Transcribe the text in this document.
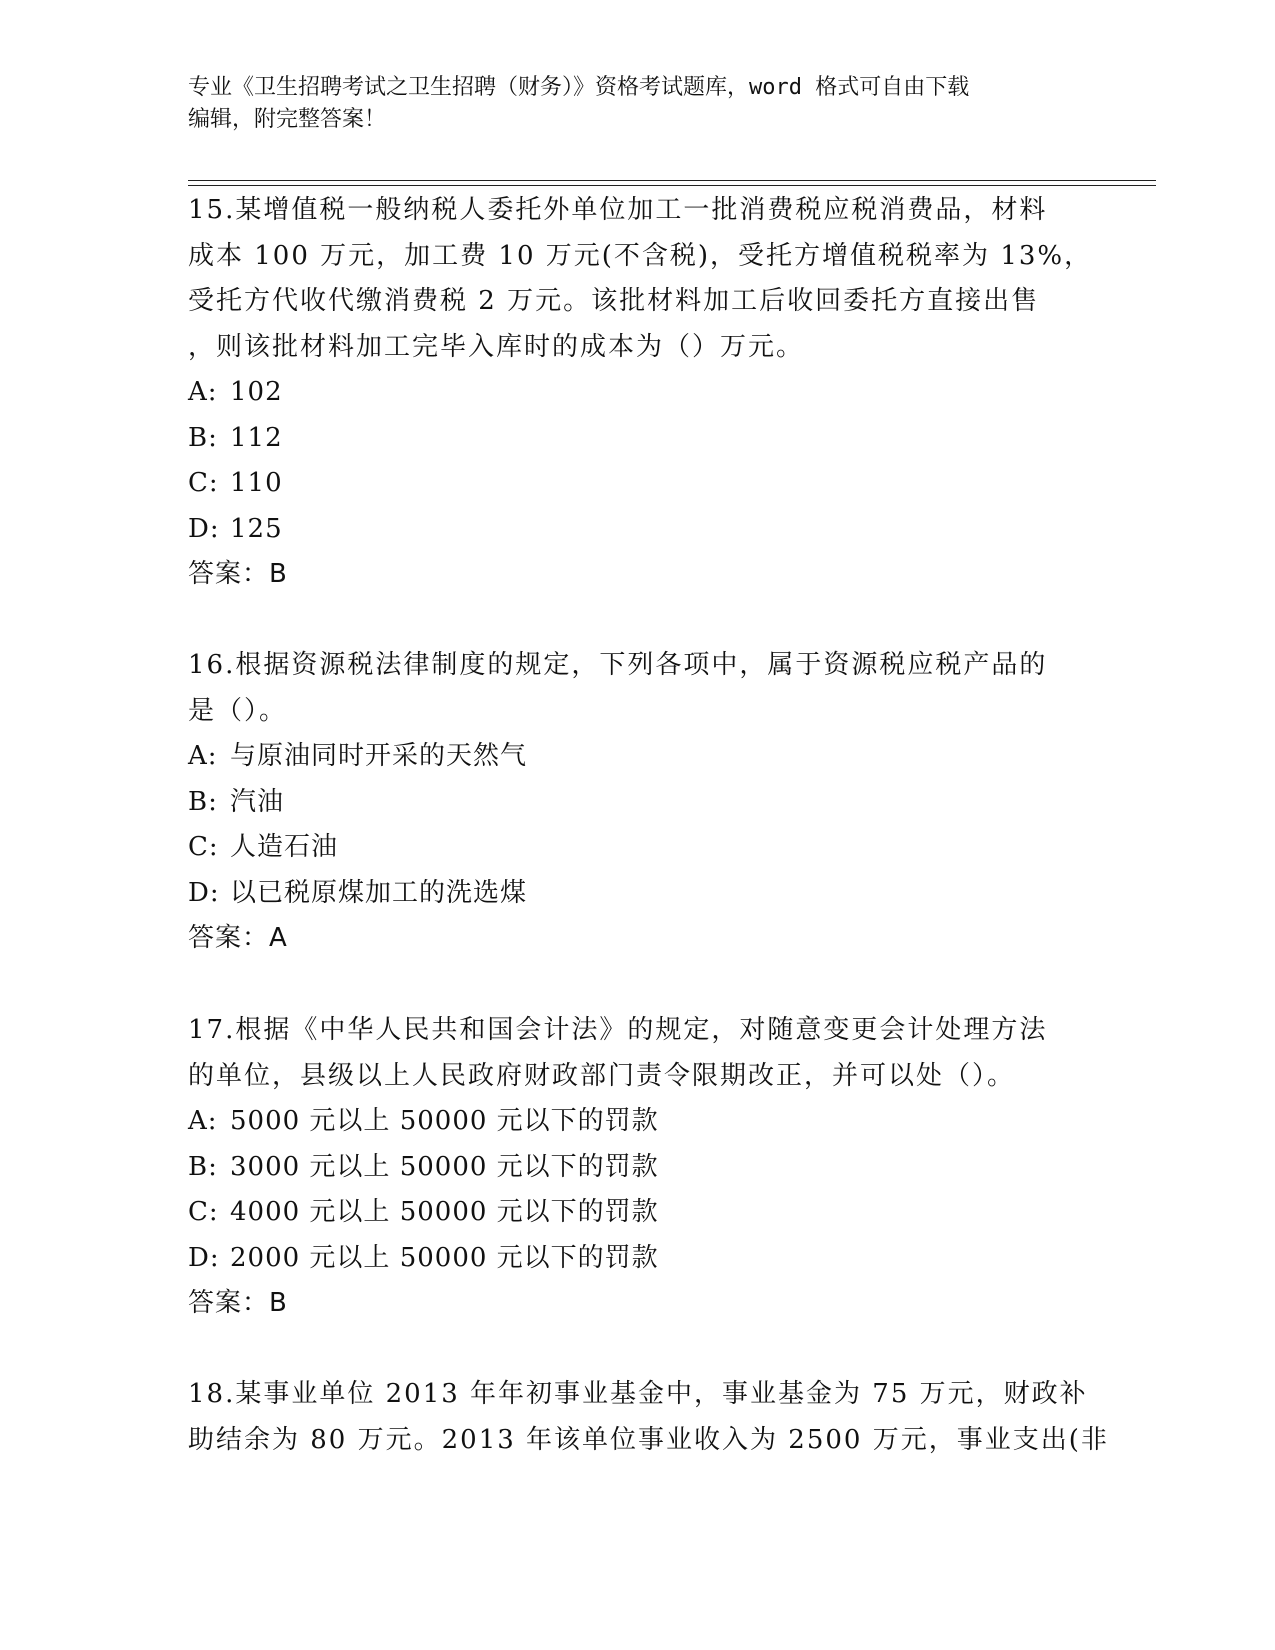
专业《卫生招聘考试之卫生招聘（财务）》资格考试题库，word 格式可自由下载
编辑，附完整答案！
15.某增值税一般纳税人委托外单位加工一批消费税应税消费品，材料
成本 100 万元，加工费 10 万元(不含税)，受托方增值税税率为 13%，
受托方代收代缴消费税 2 万元。该批材料加工后收回委托方直接出售
，则该批材料加工完毕入库时的成本为（）万元。
A: 102
B: 112
C: 110
D: 125
答案：B
16.根据资源税法律制度的规定，下列各项中，属于资源税应税产品的
是（）。
A: 与原油同时开采的天然气
B: 汽油
C: 人造石油
D: 以已税原煤加工的洗选煤
答案：A
17.根据《中华人民共和国会计法》的规定，对随意变更会计处理方法
的单位，县级以上人民政府财政部门责令限期改正，并可以处（）。
A: 5000 元以上 50000 元以下的罚款
B: 3000 元以上 50000 元以下的罚款
C: 4000 元以上 50000 元以下的罚款
D: 2000 元以上 50000 元以下的罚款
答案：B
18.某事业单位 2013 年年初事业基金中，事业基金为 75 万元，财政补
助结余为 80 万元。2013 年该单位事业收入为 2500 万元，事业支出(非
